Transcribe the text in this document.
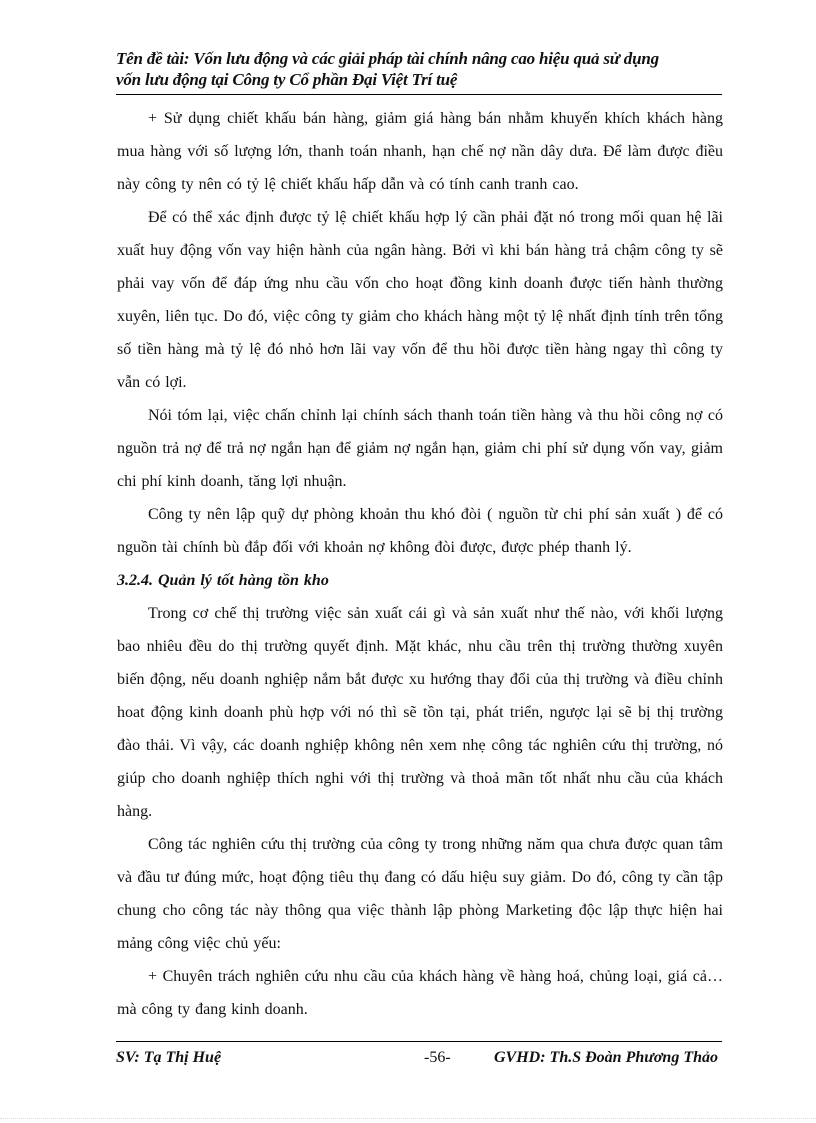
Tên đề tài: Vốn lưu động và các giải pháp tài chính nâng cao hiệu quả sử dụng
vốn lưu động tại Công ty Cổ phần Đại Việt Trí tuệ

+ Sử dụng chiết khấu bán hàng, giảm giá hàng bán nhằm khuyến khích khách hàng mua hàng với số lượng lớn, thanh toán nhanh, hạn chế nợ nần dây dưa. Để làm được điều này công ty nên có tỷ lệ chiết khấu hấp dẫn và có tính canh tranh cao.

Để có thể xác định được tỷ lệ chiết khấu hợp lý cần phải đặt nó trong mối quan hệ lãi xuất huy động vốn vay hiện hành của ngân hàng. Bởi vì khi bán hàng trả chậm công ty sẽ phải vay vốn để đáp ứng nhu cầu vốn cho hoạt đồng kinh doanh được tiến hành thường xuyên, liên tục. Do đó, việc công ty giảm cho khách hàng một tỷ lệ nhất định tính trên tổng số tiền hàng mà tỷ lệ đó nhỏ hơn lãi vay vốn để thu hồi được tiền hàng ngay thì công ty vẫn có lợi.

Nói tóm lại, việc chấn chỉnh lại chính sách thanh toán tiền hàng và thu hồi công nợ có nguồn trả nợ để trả nợ ngắn hạn để giảm nợ ngắn hạn, giảm chi phí sử dụng vốn vay, giảm chi phí kinh doanh, tăng lợi nhuận.

Công ty nên lập quỹ dự phòng khoản thu khó đòi ( nguồn từ chi phí sản xuất ) để có nguồn tài chính bù đắp đối với khoản nợ không đòi được, được phép thanh lý.

3.2.4. Quản lý tốt hàng tồn kho

Trong cơ chế thị trường việc sản xuất cái gì và sản xuất như thế nào, với khối lượng bao nhiêu đều do thị trường quyết định. Mặt khác, nhu cầu trên thị trường thường xuyên biến động, nếu doanh nghiệp nắm bắt được xu hướng thay đổi của thị trường và điều chỉnh hoat động kinh doanh phù hợp với nó thì sẽ tồn tại, phát triển, ngược lại sẽ bị thị trường đào thải. Vì vậy, các doanh nghiệp không nên xem nhẹ công tác nghiên cứu thị trường, nó giúp cho doanh nghiệp thích nghi với thị trường và thoả mãn tốt nhất nhu cầu của khách hàng.

Công tác nghiên cứu thị trường của công ty trong những năm qua chưa được quan tâm và đầu tư đúng mức, hoạt động tiêu thụ đang có dấu hiệu suy giảm. Do đó, công ty cần tập chung cho công tác này thông qua việc thành lập phòng Marketing độc lập thực hiện hai mảng công việc chủ yếu:

+ Chuyên trách nghiên cứu nhu cầu của khách hàng về hàng hoá, chủng loại, giá cả…mà công ty đang kinh doanh.

SV: Tạ Thị Huệ	-56-	GVHD: Th.S Đoàn Phương Thảo
